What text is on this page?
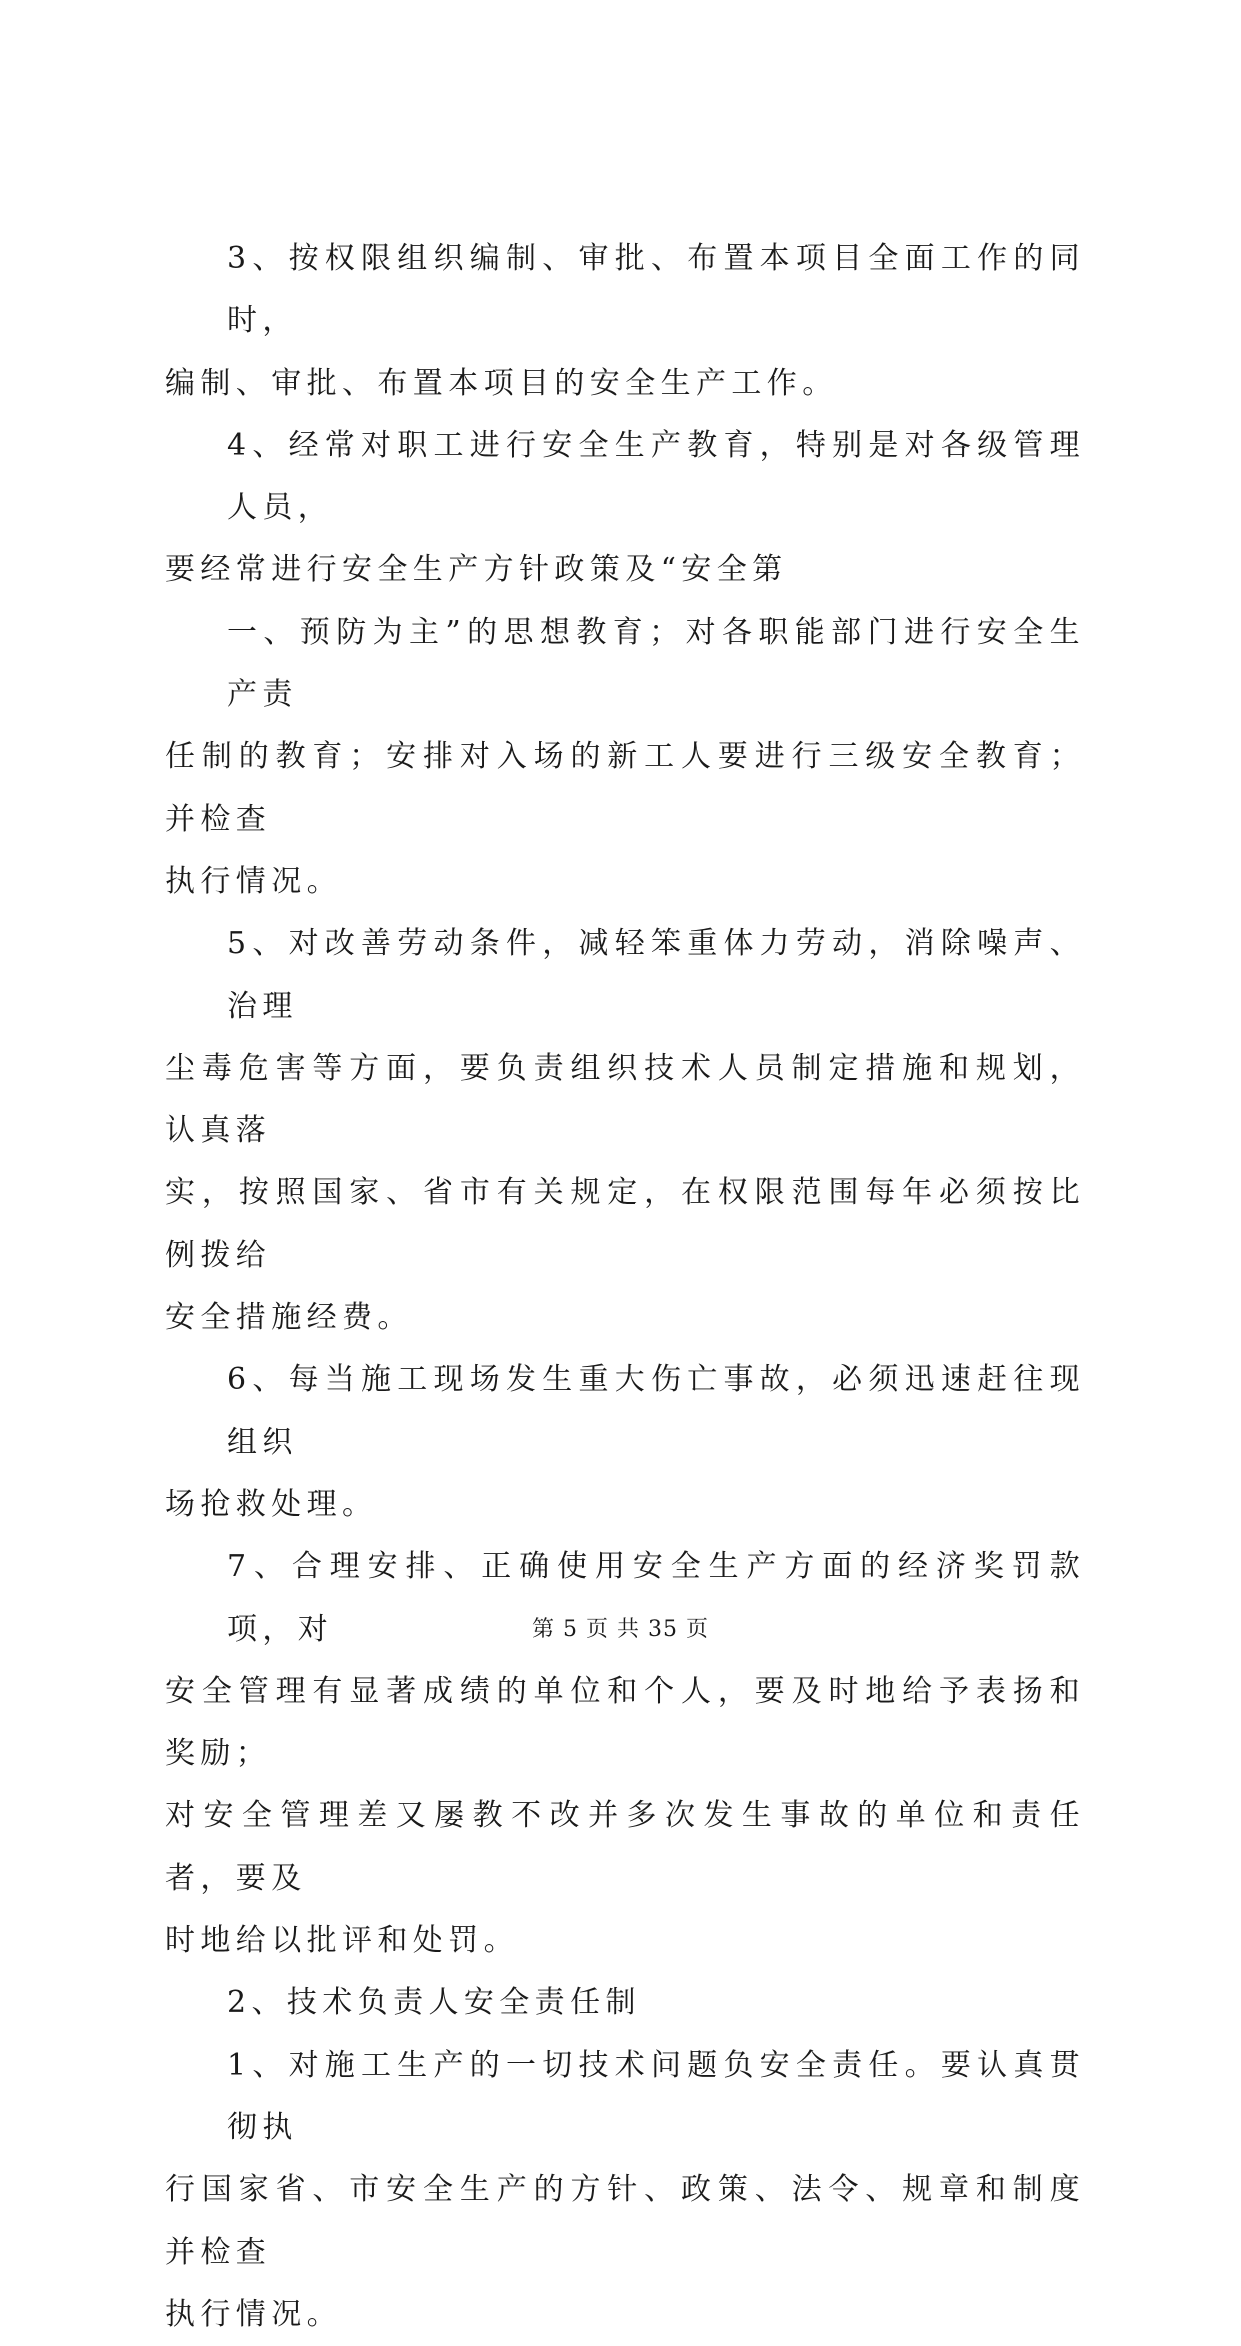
3、按权限组织编制、审批、布置本项目全面工作的同时，
编制、审批、布置本项目的安全生产工作。
4、经常对职工进行安全生产教育，特别是对各级管理人员，
要经常进行安全生产方针政策及“安全第
一、预防为主”的思想教育；对各职能部门进行安全生产责
任制的教育；安排对入场的新工人要进行三级安全教育；并检查
执行情况。
5、对改善劳动条件，减轻笨重体力劳动，消除噪声、治理
尘毒危害等方面，要负责组织技术人员制定措施和规划，认真落
实，按照国家、省市有关规定，在权限范围每年必须按比例拨给
安全措施经费。
6、每当施工现场发生重大伤亡事故，必须迅速赶往现组织
场抢救处理。
7、合理安排、正确使用安全生产方面的经济奖罚款项，对
安全管理有显著成绩的单位和个人，要及时地给予表扬和奖励；
对安全管理差又屡教不改并多次发生事故的单位和责任者，要及
时地给以批评和处罚。
2、技术负责人安全责任制
1、对施工生产的一切技术问题负安全责任。要认真贯彻执
行国家省、市安全生产的方针、政策、法令、规章和制度并检查
执行情况。
第 5 页 共 35 页
